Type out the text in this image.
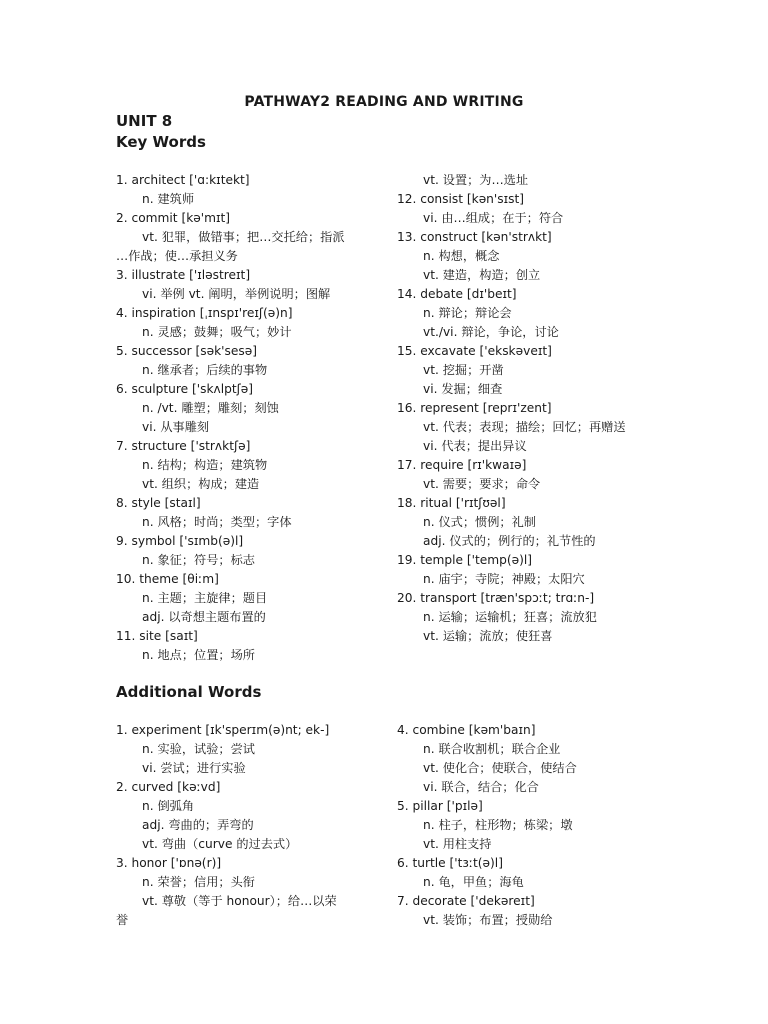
PATHWAY2 READING AND WRITING
UNIT 8
Key Words
1. architect ['ɑ:kɪtekt]
n. 建筑师
2. commit [kə'mɪt]
vt. 犯罪，做错事；把…交托给；指派
…作战；使…承担义务
3. illustrate ['ɪləstreɪt]
vi. 举例 vt. 阐明，举例说明；图解
4. inspiration [ˌɪnspɪ'reɪʃ(ə)n]
n. 灵感；鼓舞；吸气；妙计
5. successor [sək'sesə]
n. 继承者；后续的事物
6. sculpture ['skʌlptʃə]
n. /vt. 雕塑；雕刻；刻蚀
vi. 从事雕刻
7. structure ['strʌktʃə]
n. 结构；构造；建筑物
vt. 组织；构成；建造
8. style [staɪl]
n. 风格；时尚；类型；字体
9. symbol ['sɪmb(ə)l]
n. 象征；符号；标志
10. theme [θiːm]
n. 主题；主旋律；题目
adj. 以奇想主题布置的
11. site [saɪt]
n. 地点；位置；场所
vt. 设置；为…选址
12. consist [kən'sɪst]
vi. 由…组成；在于；符合
13. construct [kən'strʌkt]
n. 构想，概念
vt. 建造，构造；创立
14. debate [dɪ'beɪt]
n. 辩论；辩论会
vt./vi. 辩论，争论，讨论
15. excavate ['ekskəveɪt]
vt. 挖掘；开凿
vi. 发掘；细查
16. represent [reprɪ'zent]
vt. 代表；表现；描绘；回忆；再赠送
vi. 代表；提出异议
17. require [rɪ'kwaɪə]
vt. 需要；要求；命令
18. ritual ['rɪtʃʊəl]
n. 仪式；惯例；礼制
adj. 仪式的；例行的；礼节性的
19. temple ['temp(ə)l]
n. 庙宇；寺院；神殿；太阳穴
20. transport [træn'spɔːt; trɑːn-]
n. 运输；运输机；狂喜；流放犯
vt. 运输；流放；使狂喜
Additional Words
1. experiment [ɪk'sperɪm(ə)nt; ek-]
n. 实验，试验；尝试
vi. 尝试；进行实验
2. curved [kəːvd]
n. 倒弧角
adj. 弯曲的；弄弯的
vt. 弯曲（curve 的过去式）
3. honor ['ɒnə(r)]
n. 荣誉；信用；头衔
vt. 尊敬（等于 honour）；给…以荣
誉
4. combine [kəm'baɪn]
n. 联合收割机；联合企业
vt. 使化合；使联合，使结合
vi. 联合，结合；化合
5. pillar ['pɪlə]
n. 柱子，柱形物；栋梁；墩
vt. 用柱支持
6. turtle ['tɜːt(ə)l]
n. 龟，甲鱼；海龟
7. decorate ['dekəreɪt]
vt. 装饰；布置；授勋给
